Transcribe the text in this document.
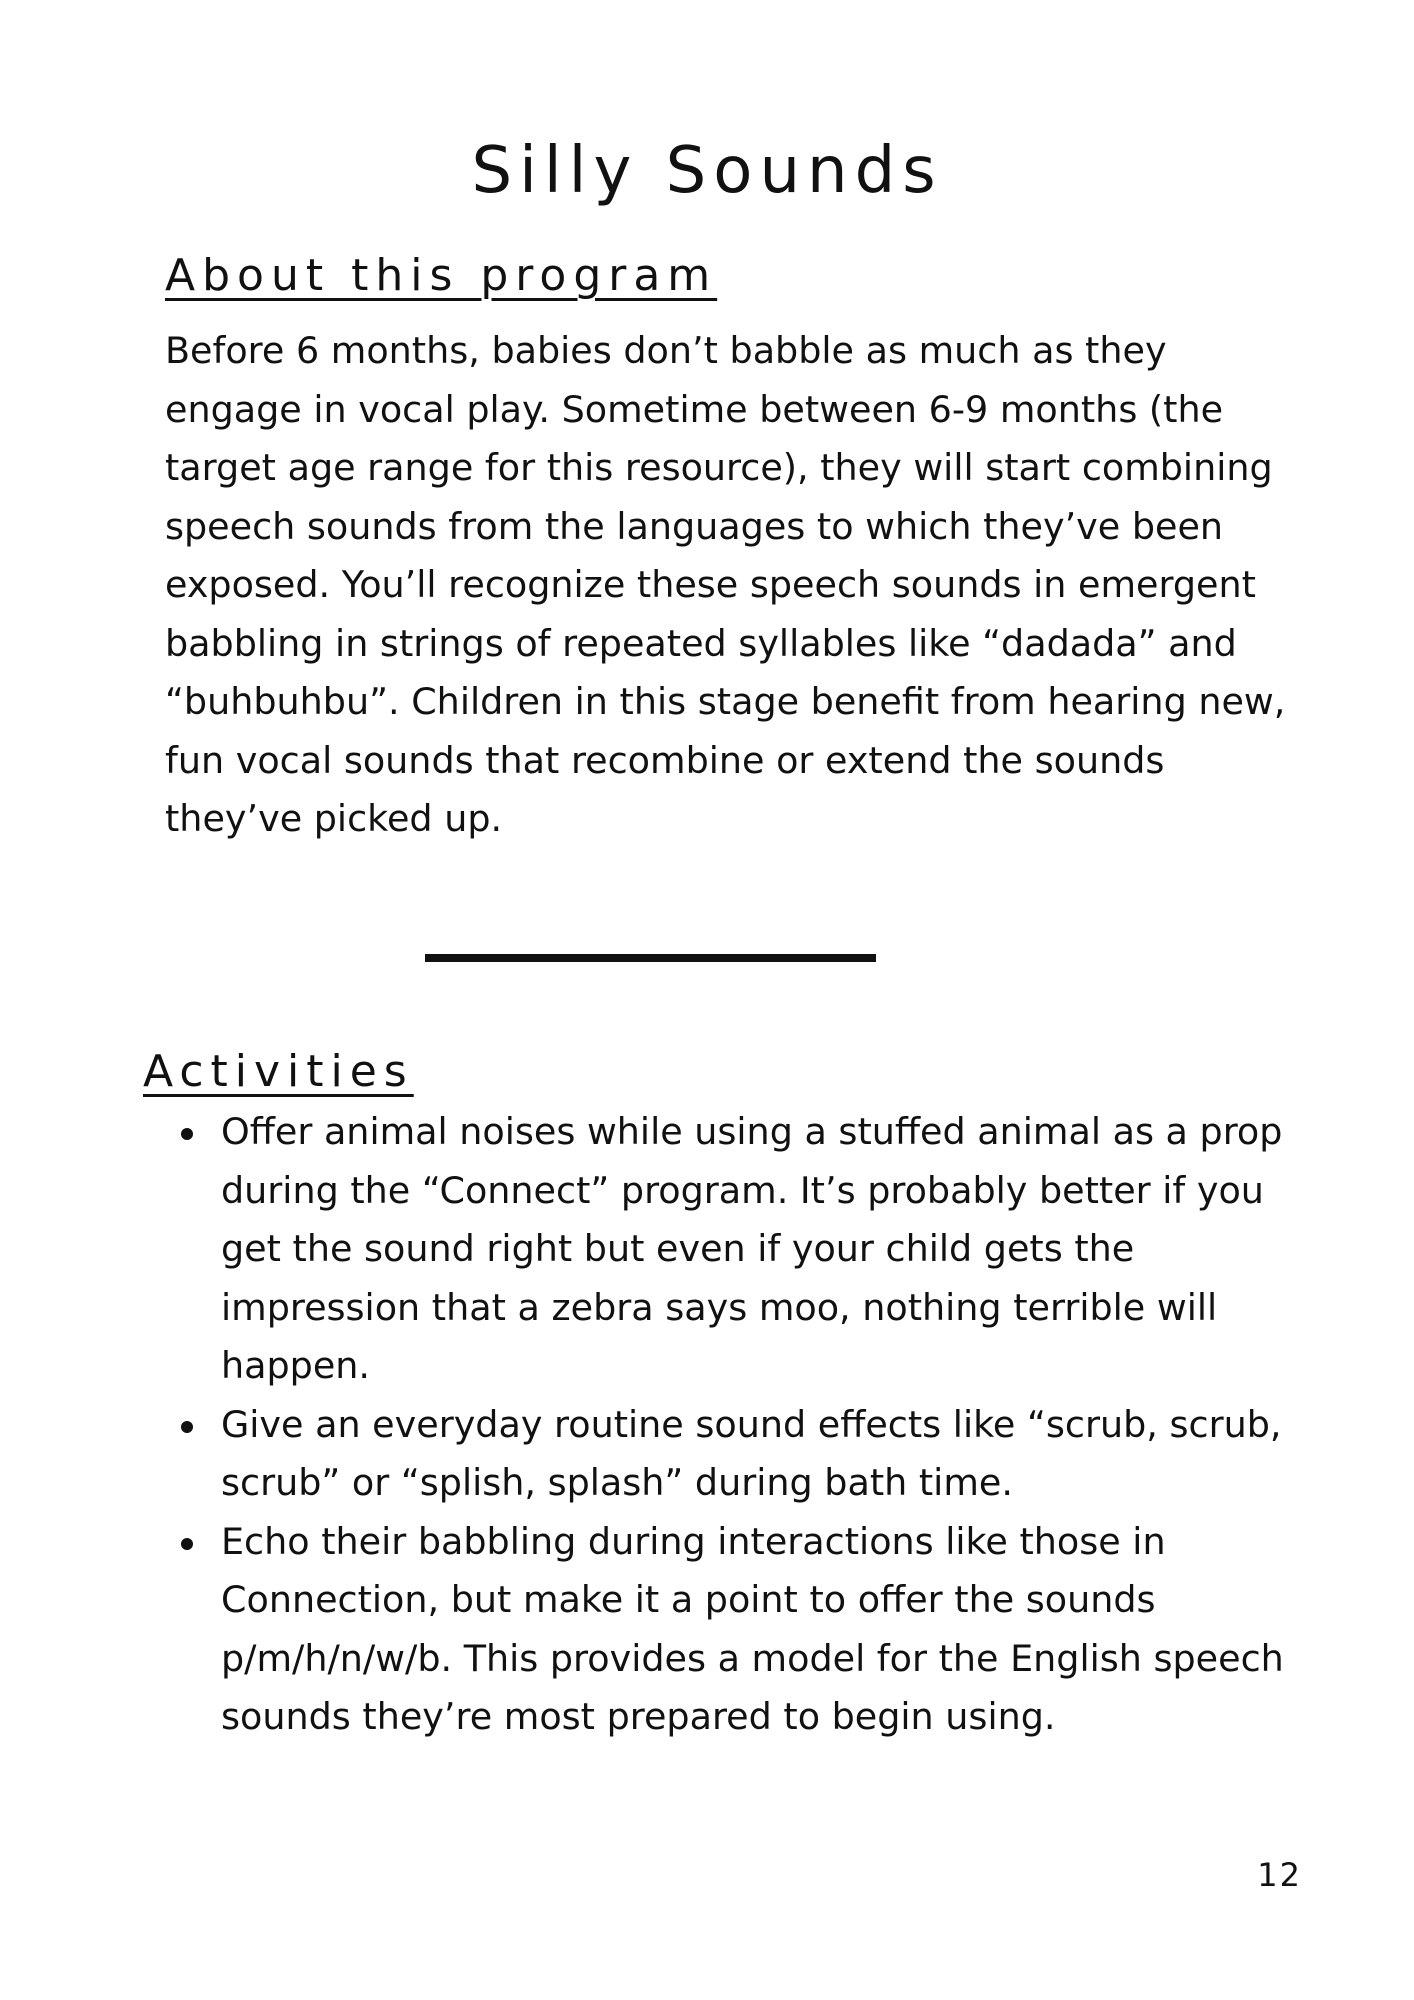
Silly Sounds
About this program

Before 6 months, babies don’t babble as much as they engage in vocal play. Sometime between 6-9 months (the target age range for this resource), they will start combining speech sounds from the languages to which they’ve been exposed. You’ll recognize these speech sounds in emergent babbling in strings of repeated syllables like “dadada” and “buhbuhbu”. Children in this stage benefit from hearing new, fun vocal sounds that recombine or extend the sounds they’ve picked up.

Activities
Offer animal noises while using a stuffed animal as a prop during the “Connect” program. It’s probably better if you get the sound right but even if your child gets the impression that a zebra says moo, nothing terrible will happen.
Give an everyday routine sound effects like “scrub, scrub, scrub” or “splish, splash” during bath time.
Echo their babbling during interactions like those in Connection, but make it a point to offer the sounds p/m/h/n/w/b. This provides a model for the English speech sounds they’re most prepared to begin using.
12
